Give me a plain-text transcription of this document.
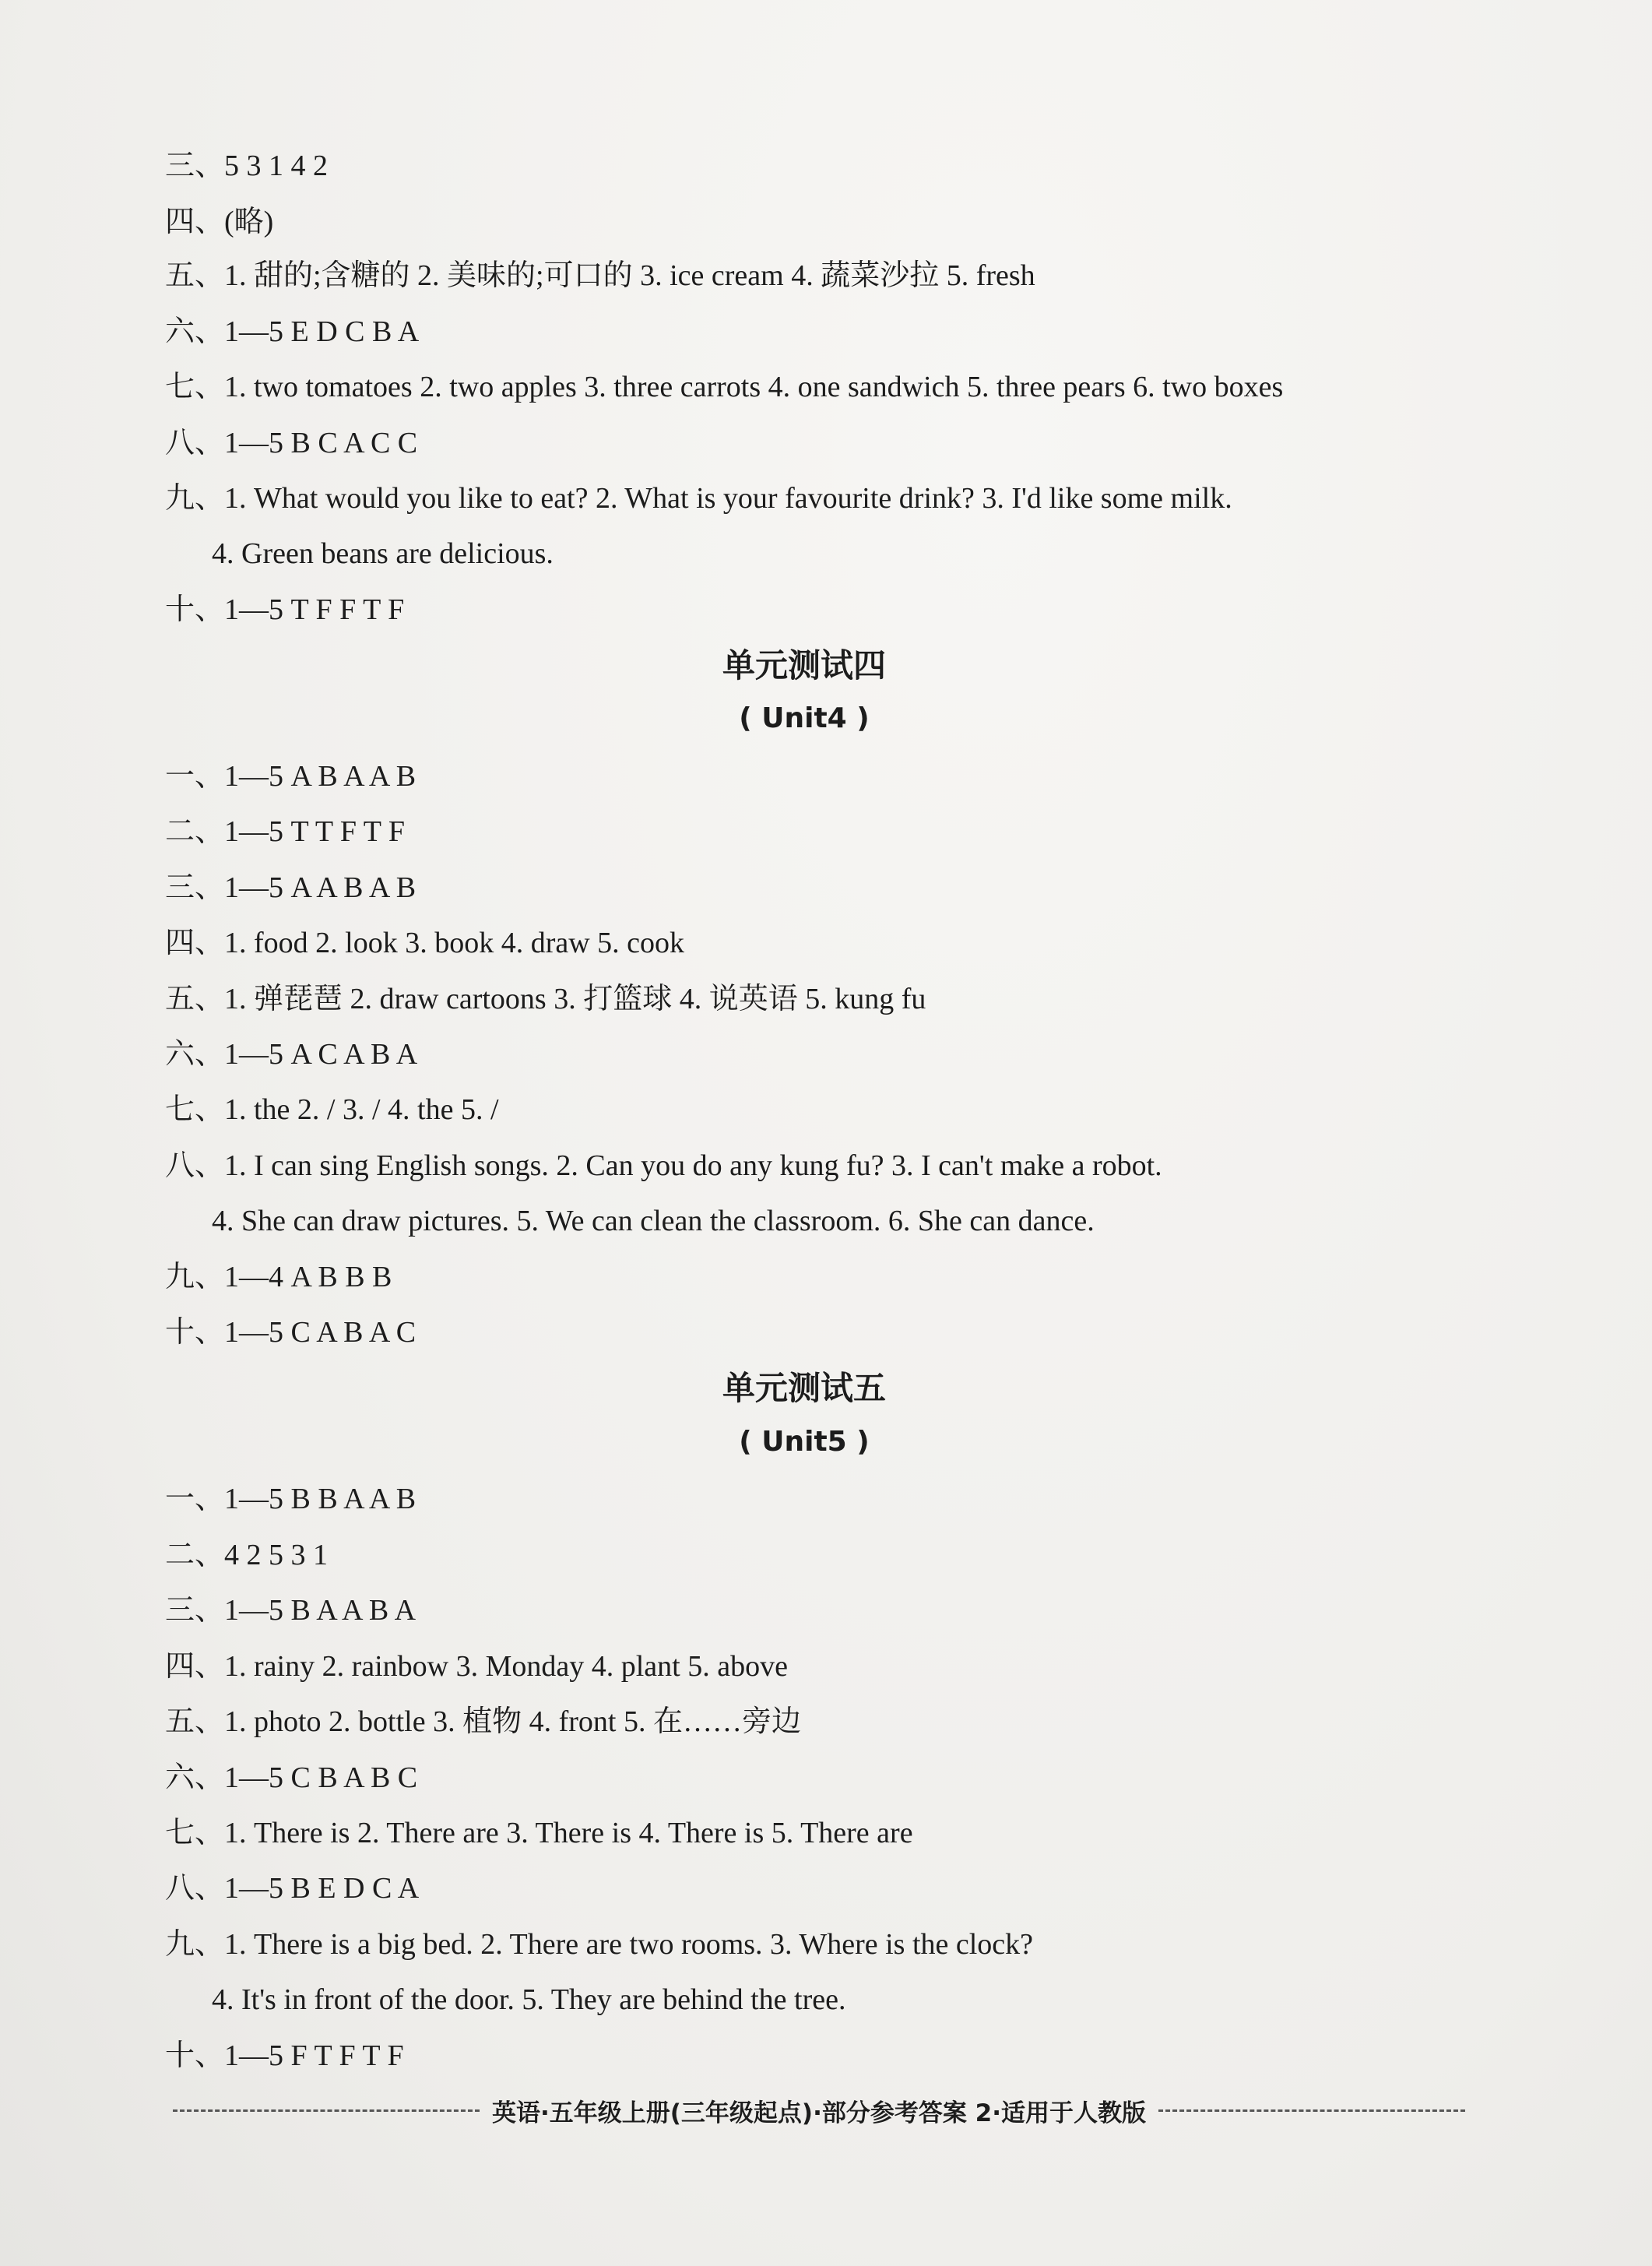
三、5 3 1 4 2
四、(略)
五、1. 甜的;含糖的 2. 美味的;可口的 3. ice cream 4. 蔬菜沙拉 5. fresh
六、1—5 E D C B A
七、1. two tomatoes 2. two apples 3. three carrots 4. one sandwich 5. three pears 6. two boxes
八、1—5 B C A C C
九、1. What would you like to eat? 2. What is your favourite drink? 3. I'd like some milk.
4. Green beans are delicious.
十、1—5 T F F T F
单元测试四
( Unit4 )
一、1—5 A B A A B
二、1—5 T T F T F
三、1—5 A A B A B
四、1. food 2. look 3. book 4. draw 5. cook
五、1. 弹琵琶 2. draw cartoons 3. 打篮球 4. 说英语 5. kung fu
六、1—5 A C A B A
七、1. the 2. / 3. / 4. the 5. /
八、1. I can sing English songs. 2. Can you do any kung fu? 3. I can't make a robot.
4. She can draw pictures. 5. We can clean the classroom. 6. She can dance.
九、1—4 A B B B
十、1—5 C A B A C
单元测试五
( Unit5 )
一、1—5 B B A A B
二、4 2 5 3 1
三、1—5 B A A B A
四、1. rainy 2. rainbow 3. Monday 4. plant 5. above
五、1. photo 2. bottle 3. 植物 4. front 5. 在……旁边
六、1—5 C B A B C
七、1. There is 2. There are 3. There is 4. There is 5. There are
八、1—5 B E D C A
九、1. There is a big bed. 2. There are two rooms. 3. Where is the clock?
4. It's in front of the door. 5. They are behind the tree.
十、1—5 F T F T F
英语·五年级上册(三年级起点)·部分参考答案 2·适用于人教版
